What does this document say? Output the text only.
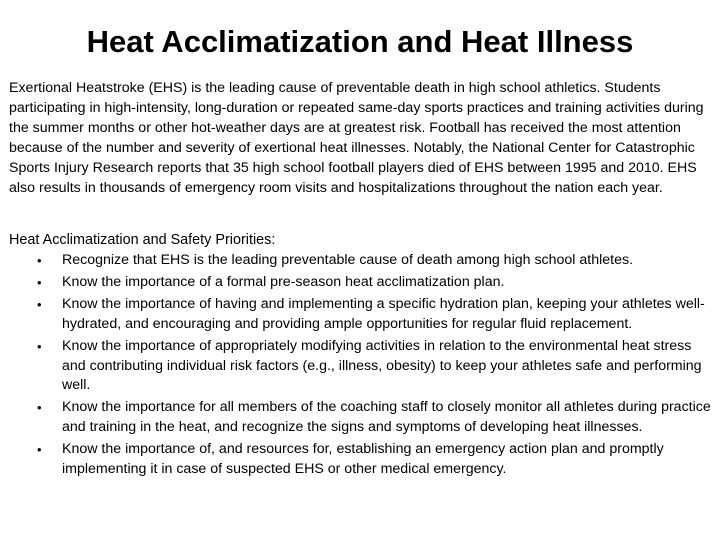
Heat Acclimatization and Heat Illness

Exertional Heatstroke (EHS) is the leading cause of preventable death in high school athletics. Students participating in high-intensity, long-duration or repeated same-day sports practices and training activities during the summer months or other hot-weather days are at greatest risk. Football has received the most attention because of the number and severity of exertional heat illnesses. Notably, the National Center for Catastrophic Sports Injury Research reports that 35 high school football players died of EHS between 1995 and 2010. EHS also results in thousands of emergency room visits and hospitalizations throughout the nation each year.

Heat Acclimatization and Safety Priorities:

• Recognize that EHS is the leading preventable cause of death among high school athletes.
• Know the importance of a formal pre-season heat acclimatization plan.
• Know the importance of having and implementing a specific hydration plan, keeping your athletes well-hydrated, and encouraging and providing ample opportunities for regular fluid replacement.
• Know the importance of appropriately modifying activities in relation to the environmental heat stress and contributing individual risk factors (e.g., illness, obesity) to keep your athletes safe and performing well.
• Know the importance for all members of the coaching staff to closely monitor all athletes during practice and training in the heat, and recognize the signs and symptoms of developing heat illnesses.
• Know the importance of, and resources for, establishing an emergency action plan and promptly implementing it in case of suspected EHS or other medical emergency.
